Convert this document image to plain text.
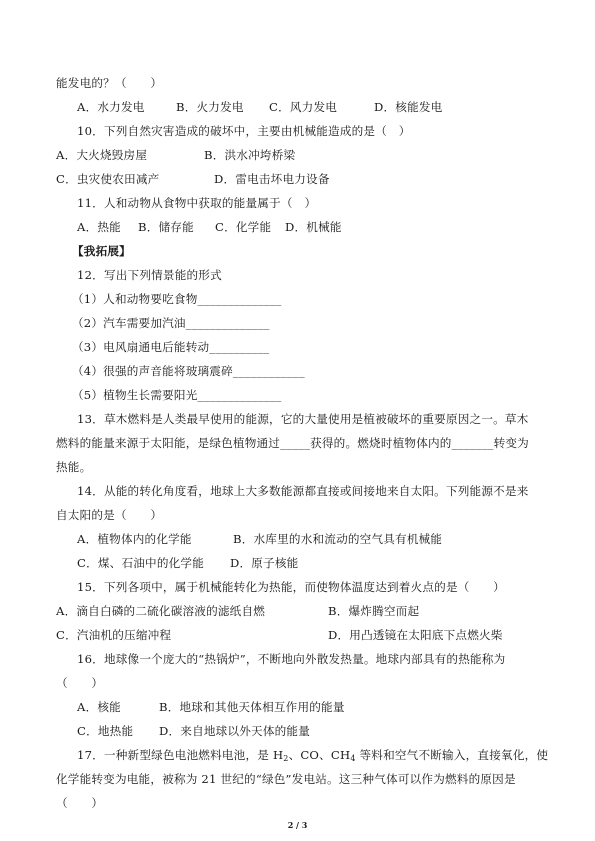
能发电的？（　　）
A．水力发电	B．火力发电 C．风力发电	D．核能发电
10．下列自然灾害造成的破坏中，主要由机械能造成的是（　）
A．大火烧毁房屋	B．洪水冲垮桥梁
C．虫灾使农田减产	D．雷电击坏电力设备
11．人和动物从食物中获取的能量属于（　）
A．热能 B．储存能 C．化学能 D．机械能
【我拓展】
12．写出下列情景能的形式
（1）人和动物要吃食物______________
（2）汽车需要加汽油______________
（3）电风扇通电后能转动__________
（4）很强的声音能将玻璃震碎____________
（5）植物生长需要阳光______________
13．草木燃料是人类最早使用的能源，它的大量使用是植被破坏的重要原因之一。草木
燃料的能量来源于太阳能，是绿色植物通过_____获得的。燃烧时植物体内的_______转变为
热能。
14．从能的转化角度看，地球上大多数能源都直接或间接地来自太阳。下列能源不是来
自太阳的是（　　）
A．植物体内的化学能	B．水库里的水和流动的空气具有机械能
C．煤、石油中的化学能 D．原子核能
15．下列各项中，属于机械能转化为热能，而使物体温度达到着火点的是（　　）
A．滴自白磷的二硫化碳溶液的滤纸自燃	B．爆炸腾空而起
C．汽油机的压缩冲程	D．用凸透镜在太阳底下点燃火柴
16．地球像一个庞大的“热锅炉”，不断地向外散发热量。地球内部具有的热能称为
（　　）
A．核能	B．地球和其他天体相互作用的能量
C．地热能 D．来自地球以外天体的能量
17．一种新型绿色电池燃料电池，是 $H_2$、CO、$CH_4$ 等料和空气不断输入，直接氧化，使
化学能转变为电能，被称为 21 世纪的“绿色”发电站。这三种气体可以作为燃料的原因是
（　　）
2 / 3
